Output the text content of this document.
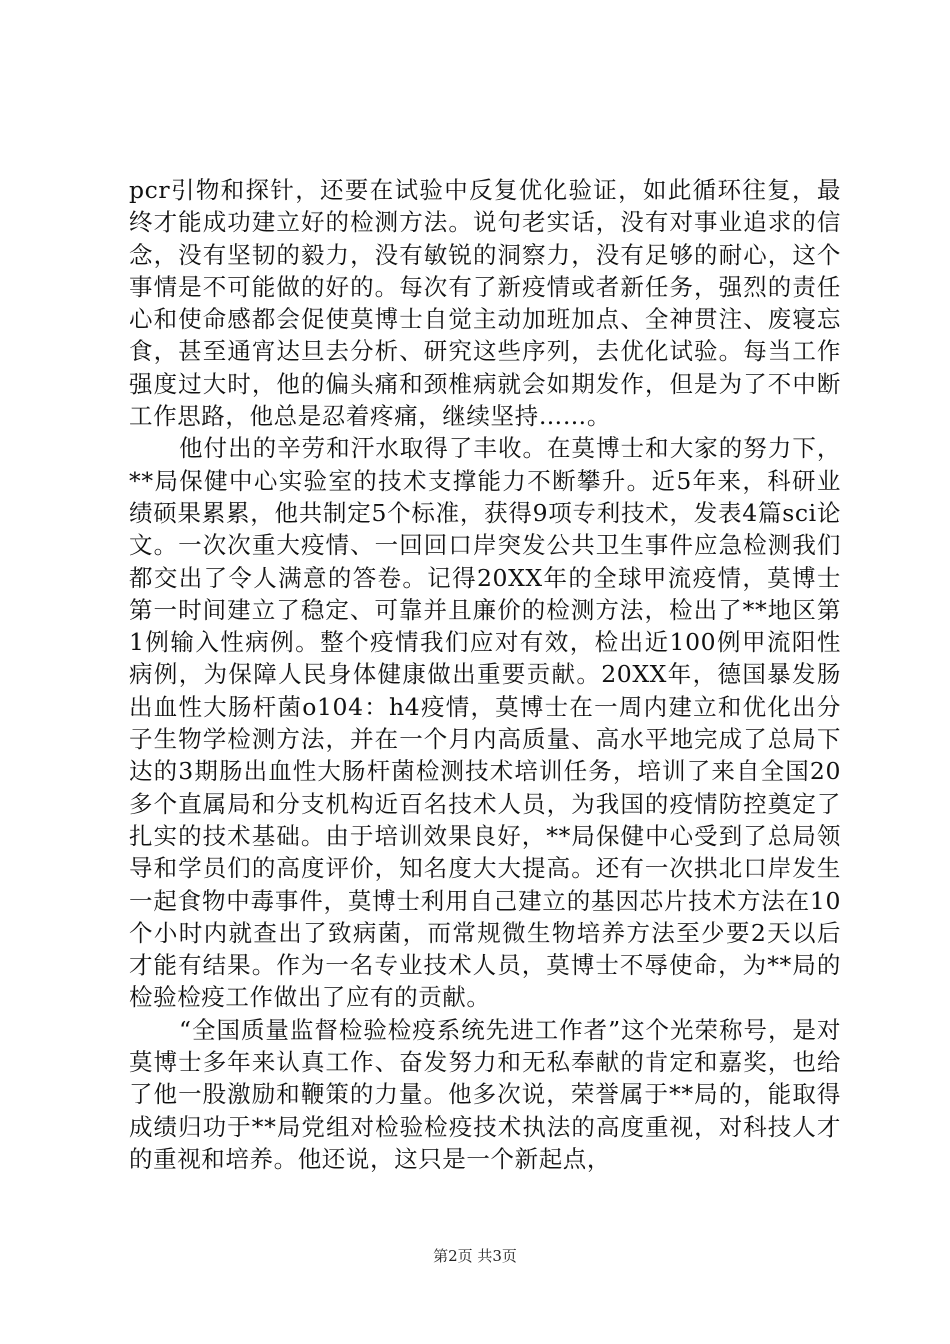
pcr引物和探针，还要在试验中反复优化验证，如此循环往复，最终才能成功建立好的检测方法。说句老实话，没有对事业追求的信念，没有坚韧的毅力，没有敏锐的洞察力，没有足够的耐心，这个事情是不可能做的好的。每次有了新疫情或者新任务，强烈的责任心和使命感都会促使莫博士自觉主动加班加点、全神贯注、废寝忘食，甚至通宵达旦去分析、研究这些序列，去优化试验。每当工作强度过大时，他的偏头痛和颈椎病就会如期发作，但是为了不中断工作思路，他总是忍着疼痛，继续坚持……。

他付出的辛劳和汗水取得了丰收。在莫博士和大家的努力下，**局保健中心实验室的技术支撑能力不断攀升。近5年来，科研业绩硕果累累，他共制定5个标准，获得9项专利技术，发表4篇sci论文。一次次重大疫情、一回回口岸突发公共卫生事件应急检测我们都交出了令人满意的答卷。记得20XX年的全球甲流疫情，莫博士第一时间建立了稳定、可靠并且廉价的检测方法，检出了**地区第1例输入性病例。整个疫情我们应对有效，检出近100例甲流阳性病例，为保障人民身体健康做出重要贡献。20XX年，德国暴发肠出血性大肠杆菌o104：h4疫情，莫博士在一周内建立和优化出分子生物学检测方法，并在一个月内高质量、高水平地完成了总局下达的3期肠出血性大肠杆菌检测技术培训任务，培训了来自全国20多个直属局和分支机构近百名技术人员，为我国的疫情防控奠定了扎实的技术基础。由于培训效果良好，**局保健中心受到了总局领导和学员们的高度评价，知名度大大提高。还有一次拱北口岸发生一起食物中毒事件，莫博士利用自己建立的基因芯片技术方法在10个小时内就查出了致病菌，而常规微生物培养方法至少要2天以后才能有结果。作为一名专业技术人员，莫博士不辱使命，为**局的检验检疫工作做出了应有的贡献。

“全国质量监督检验检疫系统先进工作者”这个光荣称号，是对莫博士多年来认真工作、奋发努力和无私奉献的肯定和嘉奖，也给了他一股激励和鞭策的力量。他多次说，荣誉属于**局的，能取得成绩归功于**局党组对检验检疫技术执法的高度重视，对科技人才的重视和培养。他还说，这只是一个新起点，

第2页 共3页
